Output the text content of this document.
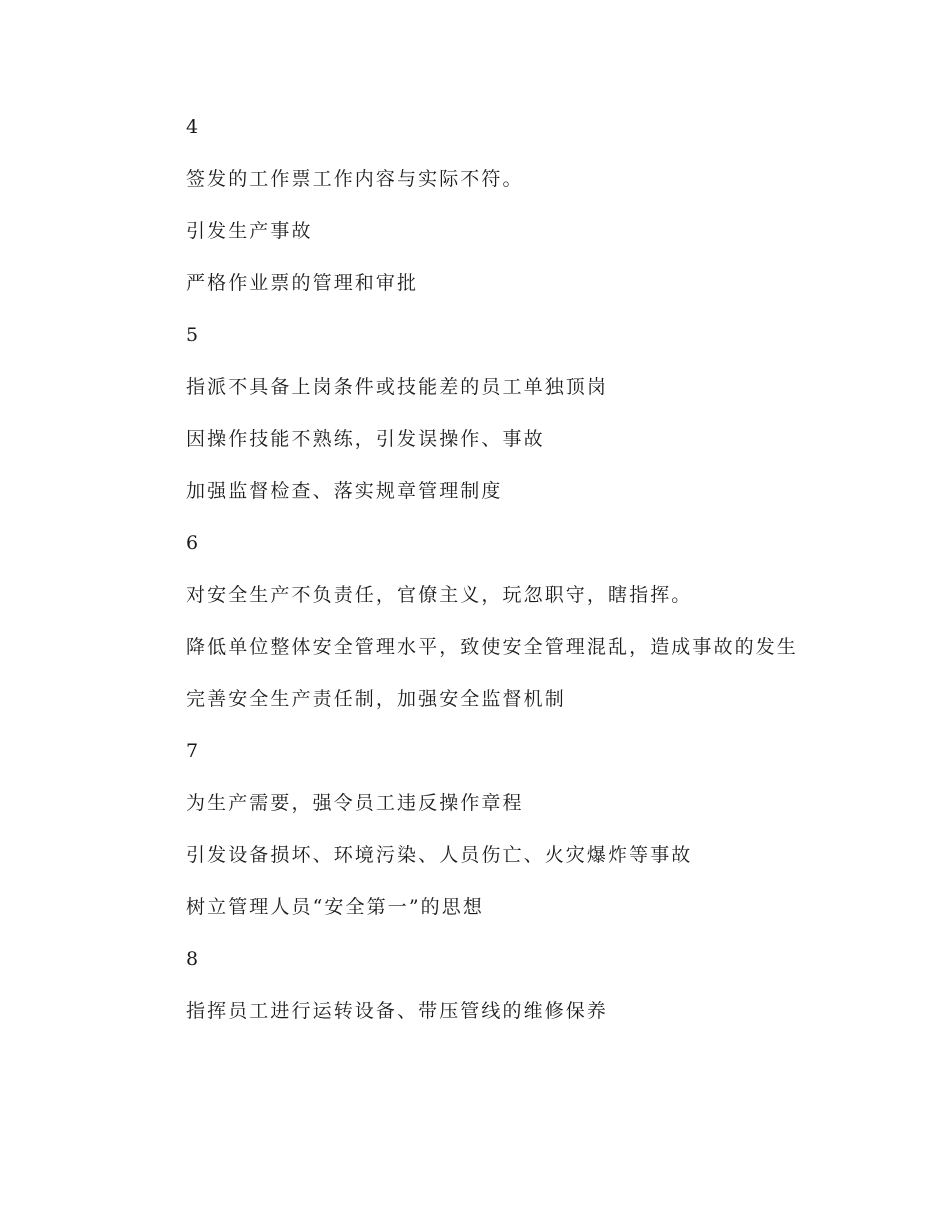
4

签发的工作票工作内容与实际不符。

引发生产事故

严格作业票的管理和审批

5

指派不具备上岗条件或技能差的员工单独顶岗

因操作技能不熟练，引发误操作、事故

加强监督检查、落实规章管理制度

6

对安全生产不负责任，官僚主义，玩忽职守，瞎指挥。

降低单位整体安全管理水平，致使安全管理混乱，造成事故的发生

完善安全生产责任制，加强安全监督机制

7

为生产需要，强令员工违反操作章程

引发设备损坏、环境污染、人员伤亡、火灾爆炸等事故

树立管理人员“安全第一”的思想

8

指挥员工进行运转设备、带压管线的维修保养
